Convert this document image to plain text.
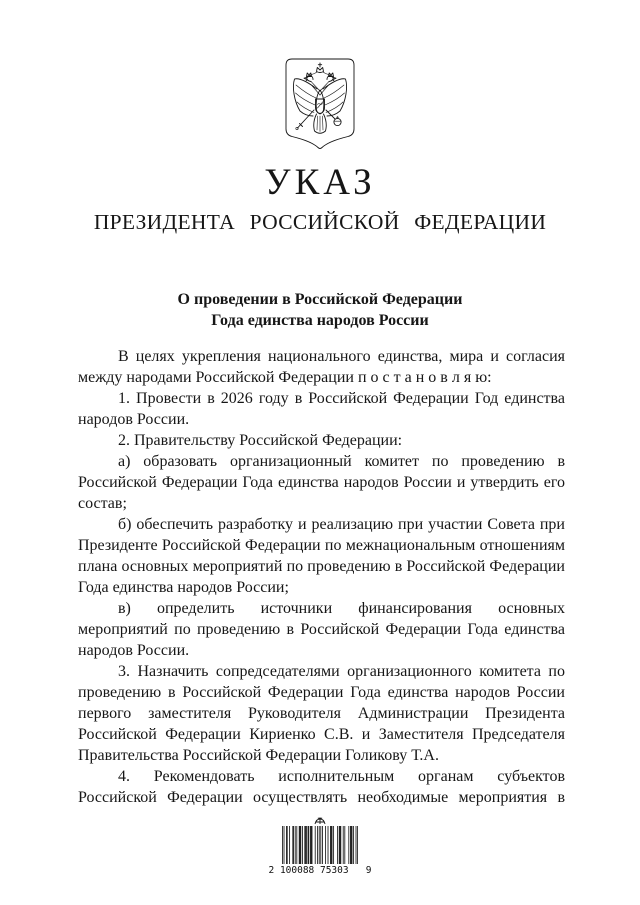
УКАЗ
ПРЕЗИДЕНТА РОССИЙСКОЙ ФЕДЕРАЦИИ
О проведении в Российской Федерации
Года единства народов России

В целях укрепления национального единства, мира и согласия между народами Российской Федерации п о с т а н о в л я ю:

1. Провести в 2026 году в Российской Федерации Год единства народов России.

2. Правительству Российской Федерации:

а) образовать организационный комитет по проведению в Российской Федерации Года единства народов России и утвердить его состав;

б) обеспечить разработку и реализацию при участии Совета при Президенте Российской Федерации по межнациональным отношениям плана основных мероприятий по проведению в Российской Федерации Года единства народов России;

в) определить источники финансирования основных мероприятий по проведению в Российской Федерации Года единства народов России.

3. Назначить сопредседателями организационного комитета по проведению в Российской Федерации Года единства народов России первого заместителя Руководителя Администрации Президента Российской Федерации Кириенко С.В. и Заместителя Председателя Правительства Российской Федерации Голикову Т.А.

4. Рекомендовать исполнительным органам субъектов Российской Федерации осуществлять необходимые мероприятия в

2 100088 75303   9
